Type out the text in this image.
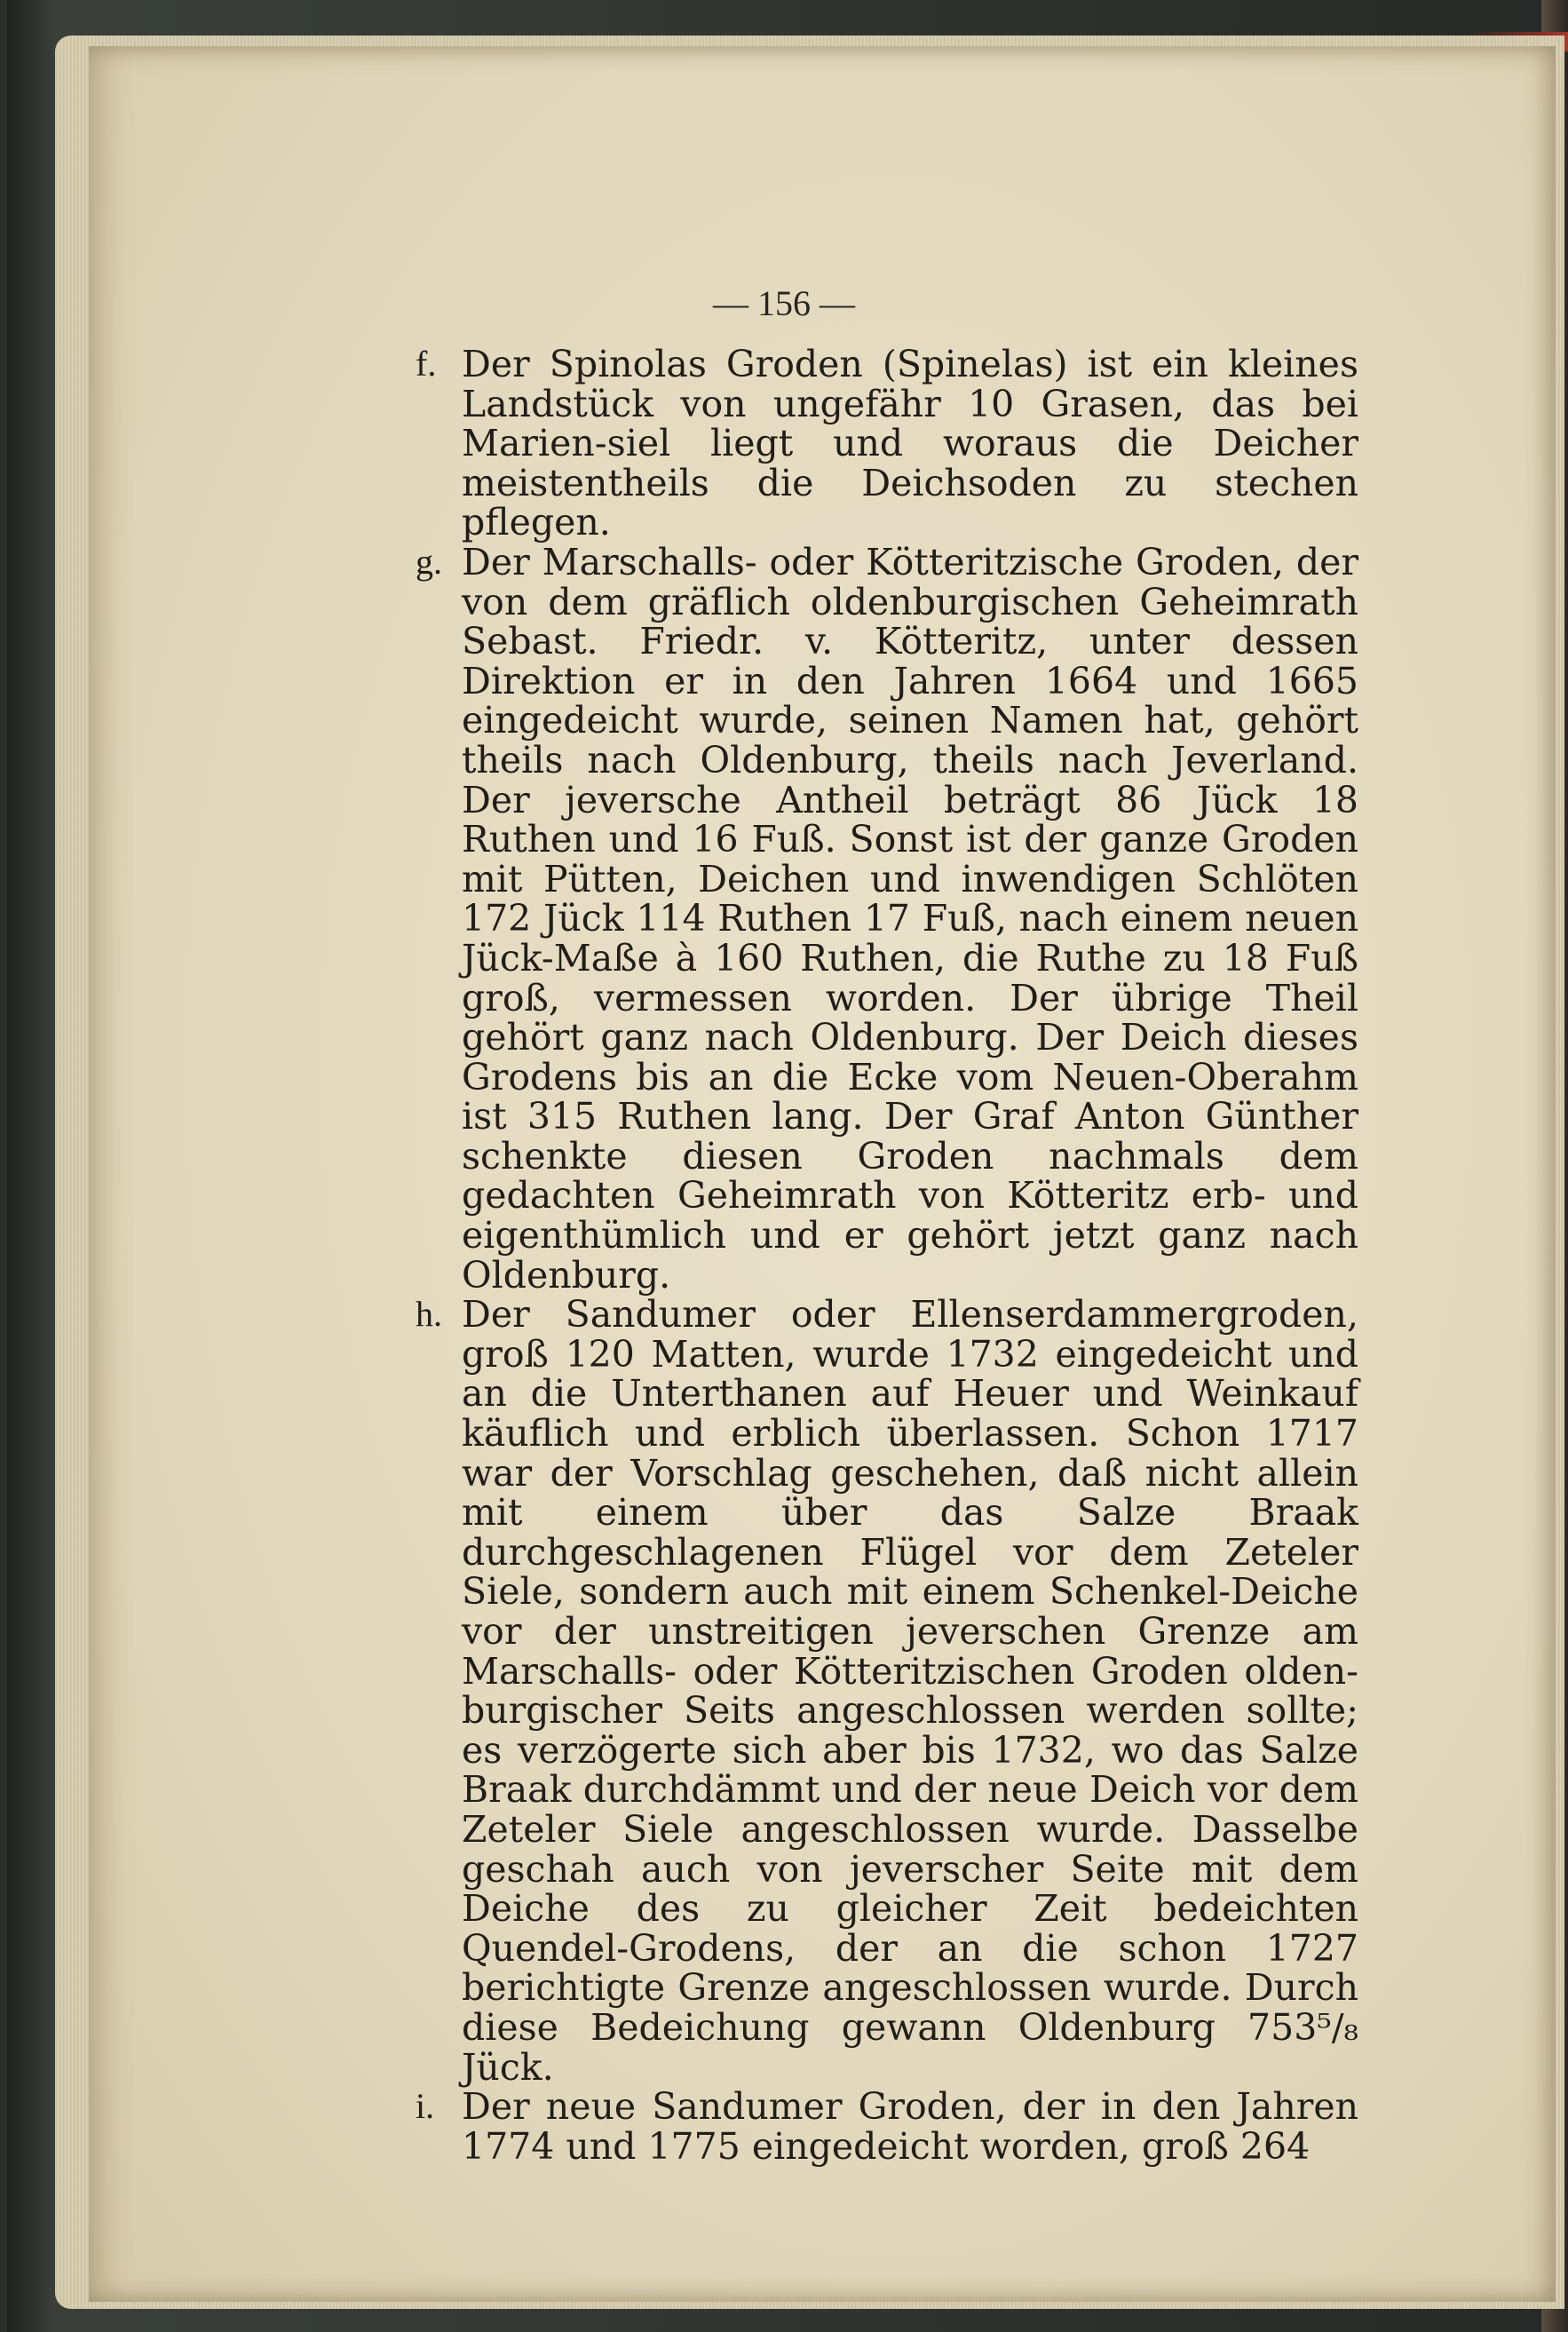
— 156 —
f. Der Spinolas Groden (Spinelas) ist ein kleines Landstück von ungefähr 10 Grasen, das bei Marien-siel liegt und woraus die Deicher meistentheils die Deichsoden zu stechen pflegen.
g. Der Marschalls- oder Kötteritzische Groden, der von dem gräflich oldenburgischen Geheimrath Sebast. Friedr. v. Kötteritz, unter dessen Direktion er in den Jahren 1664 und 1665 eingedeicht wurde, seinen Namen hat, gehört theils nach Oldenburg, theils nach Jeverland. Der jeversche Antheil beträgt 86 Jück 18 Ruthen und 16 Fuß. Sonst ist der ganze Groden mit Pütten, Deichen und inwendigen Schlöten 172 Jück 114 Ruthen 17 Fuß, nach einem neuen Jück-Maße à 160 Ruthen, die Ruthe zu 18 Fuß groß, vermessen worden. Der übrige Theil gehört ganz nach Oldenburg. Der Deich dieses Grodens bis an die Ecke vom Neuen-Oberahm ist 315 Ruthen lang. Der Graf Anton Günther schenkte diesen Groden nachmals dem gedachten Geheimrath von Kötteritz erb- und eigenthümlich und er gehört jetzt ganz nach Oldenburg.
h. Der Sandumer oder Ellenserdammergroden, groß 120 Matten, wurde 1732 eingedeicht und an die Unterthanen auf Heuer und Weinkauf käuflich und erblich überlassen. Schon 1717 war der Vorschlag geschehen, daß nicht allein mit einem über das Salze Braak durchgeschlagenen Flügel vor dem Zeteler Siele, sondern auch mit einem Schenkel-Deiche vor der unstreitigen jeverschen Grenze am Marschalls- oder Kötteritzischen Groden olden-burgischer Seits angeschlossen werden sollte; es verzögerte sich aber bis 1732, wo das Salze Braak durchdämmt und der neue Deich vor dem Zeteler Siele angeschlossen wurde. Dasselbe geschah auch von jeverscher Seite mit dem Deiche des zu gleicher Zeit bedeichten Quendel-Grodens, der an die schon 1727 berichtigte Grenze angeschlossen wurde. Durch diese Bedeichung gewann Oldenburg 753⁵/₈ Jück.
i. Der neue Sandumer Groden, der in den Jahren 1774 und 1775 eingedeicht worden, groß 264
